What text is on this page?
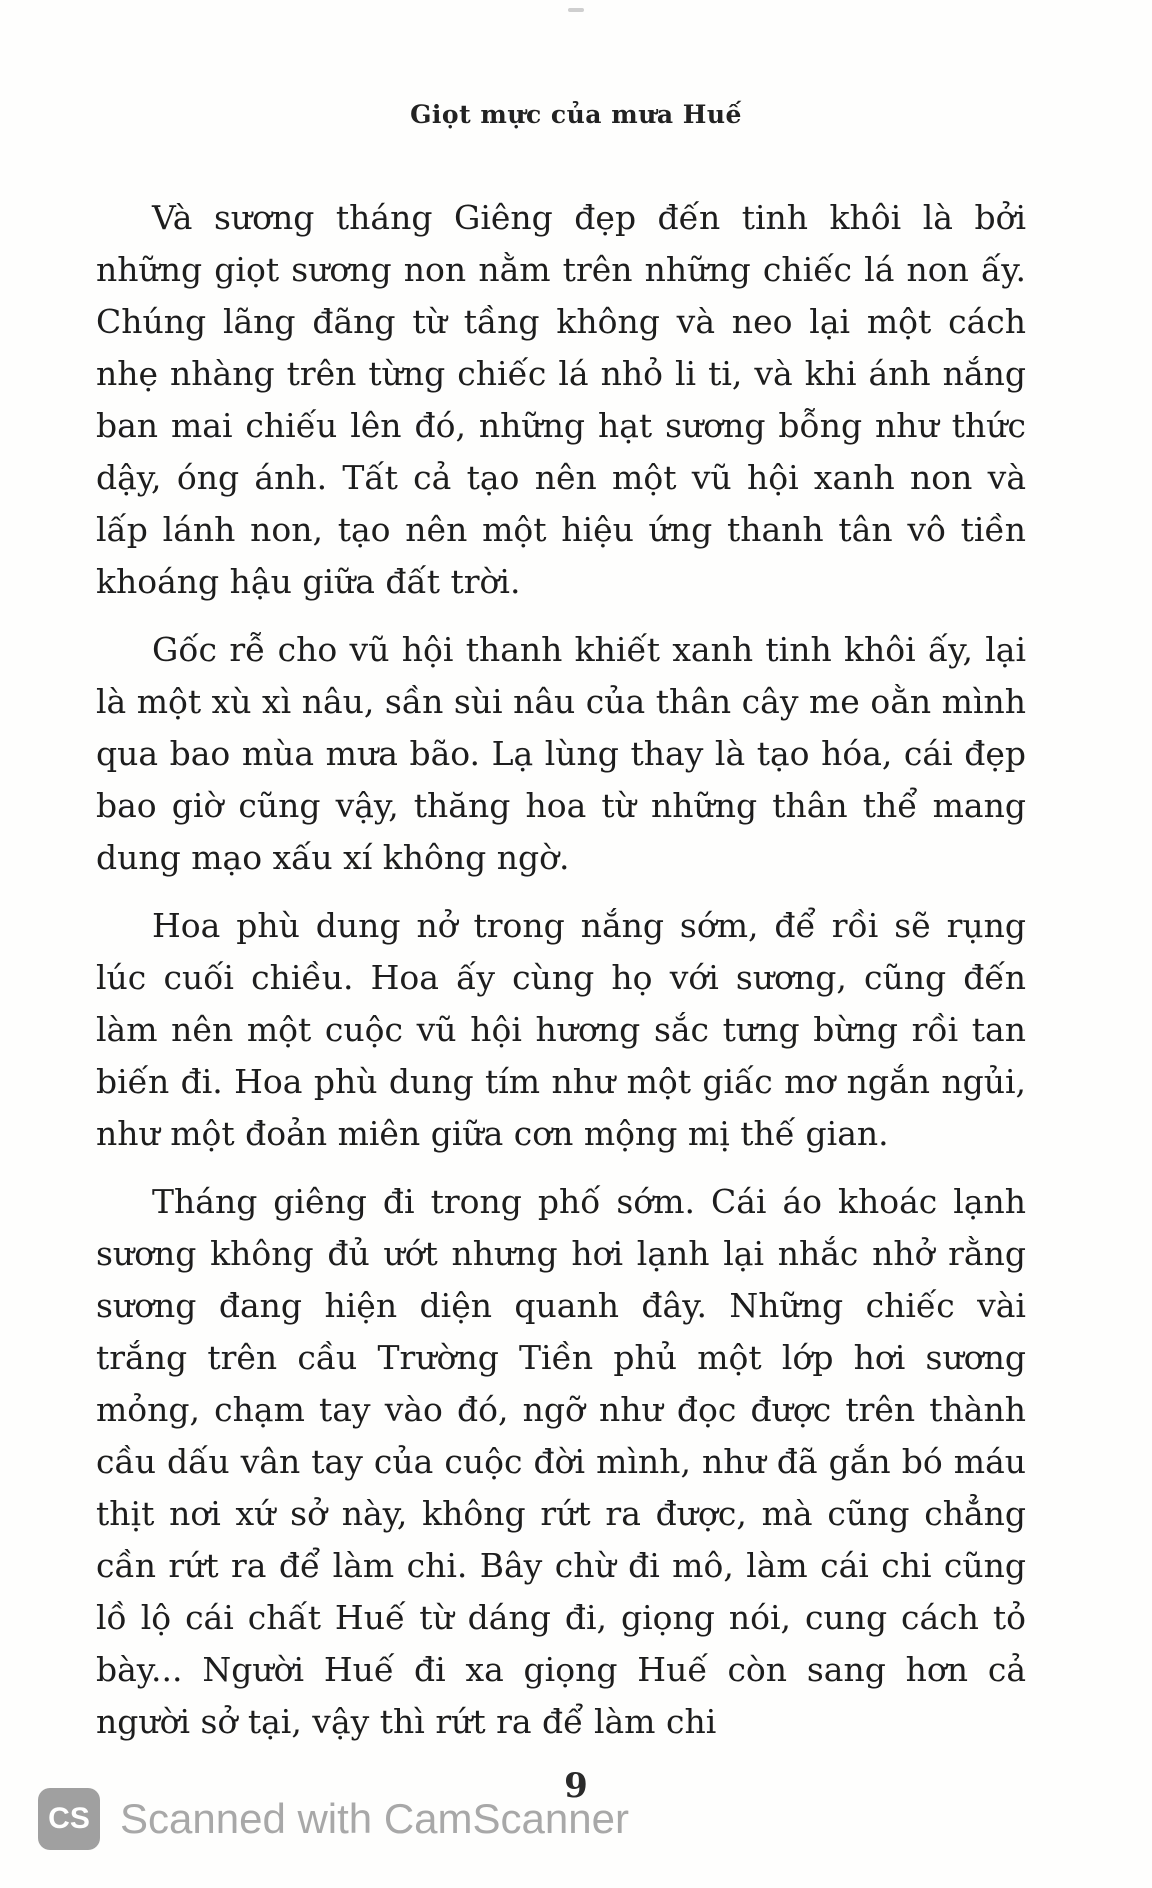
Giọt mực của mưa Huế

Và sương tháng Giêng đẹp đến tinh khôi là bởi những giọt sương non nằm trên những chiếc lá non ấy. Chúng lãng đãng từ tầng không và neo lại một cách nhẹ nhàng trên từng chiếc lá nhỏ li ti, và khi ánh nắng ban mai chiếu lên đó, những hạt sương bỗng như thức dậy, óng ánh. Tất cả tạo nên một vũ hội xanh non và lấp lánh non, tạo nên một hiệu ứng thanh tân vô tiền khoáng hậu giữa đất trời.

Gốc rễ cho vũ hội thanh khiết xanh tinh khôi ấy, lại là một xù xì nâu, sần sùi nâu của thân cây me oằn mình qua bao mùa mưa bão. Lạ lùng thay là tạo hóa, cái đẹp bao giờ cũng vậy, thăng hoa từ những thân thể mang dung mạo xấu xí không ngờ.

Hoa phù dung nở trong nắng sớm, để rồi sẽ rụng lúc cuối chiều. Hoa ấy cùng họ với sương, cũng đến làm nên một cuộc vũ hội hương sắc tưng bừng rồi tan biến đi. Hoa phù dung tím như một giấc mơ ngắn ngủi, như một đoản miên giữa cơn mộng mị thế gian.

Tháng giêng đi trong phố sớm. Cái áo khoác lạnh sương không đủ ướt nhưng hơi lạnh lại nhắc nhở rằng sương đang hiện diện quanh đây. Những chiếc vài trắng trên cầu Trường Tiền phủ một lớp hơi sương mỏng, chạm tay vào đó, ngỡ như đọc được trên thành cầu dấu vân tay của cuộc đời mình, như đã gắn bó máu thịt nơi xứ sở này, không rứt ra được, mà cũng chẳng cần rứt ra để làm chi. Bây chừ đi mô, làm cái chi cũng lồ lộ cái chất Huế từ dáng đi, giọng nói, cung cách tỏ bày... Người Huế đi xa giọng Huế còn sang hơn cả người sở tại, vậy thì rứt ra để làm chi

9
CS Scanned with CamScanner
